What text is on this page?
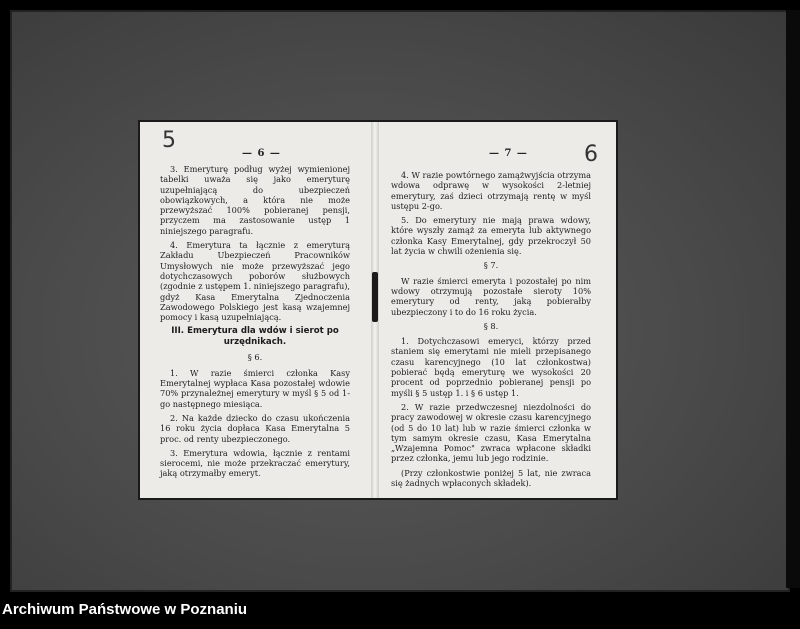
5
— 6 —

3. Emeryturę podług wyżej wymienionej tabelki uważa się jako emeryturę uzupełniającą do ubezpieczeń obowiązkowych, a która nie może przewyższać 100% pobieranej pensji, przyczem ma zastosowanie ustęp 1 niniejszego paragrafu.

4. Emerytura ta łącznie z emeryturą Zakładu Ubezpieczeń Pracowników Umysłowych nie może przewyższać jego dotychczasowych poborów służbowych (zgodnie z ustępem 1. niniejszego paragrafu), gdyż Kasa Emerytalna Zjednoczenia Zawodowego Polskiego jest kasą wzajemnej pomocy i kasą uzupełniającą.

III. Emerytura dla wdów i sierot po urzędnikach.

§ 6.

1. W razie śmierci członka Kasy Emerytalnej wypłaca Kasa pozostałej wdowie 70% przynależnej emerytury w myśl § 5 od 1-go następnego miesiąca.

2. Na każde dziecko do czasu ukończenia 16 roku życia dopłaca Kasa Emerytalna 5 proc. od renty ubezpieczonego.

3. Emerytura wdowia, łącznie z rentami sierocemi, nie może przekraczać emerytury, jaką otrzymałby emeryt.

— 7 —	6

4. W razie powtórnego zamążwyjścia otrzyma wdowa odprawę w wysokości 2-letniej emerytury, zaś dzieci otrzymają rentę w myśl ustępu 2-go.

5. Do emerytury nie mają prawa wdowy, które wyszły zamąż za emeryta lub aktywnego członka Kasy Emerytalnej, gdy przekroczył 50 lat życia w chwili ożenienia się.

§ 7.

W razie śmierci emeryta i pozostałej po nim wdowy otrzymują pozostałe sieroty 10% emerytury od renty, jaką pobierałby ubezpieczony i to do 16 roku życia.

§ 8.

1. Dotychczasowi emeryci, którzy przed staniem się emerytami nie mieli przepisanego czasu karencyjnego (10 lat członkostwa) pobierać będą emeryturę we wysokości 20 procent od poprzednio pobieranej pensji po myśli § 5 ustęp 1. i § 6 ustęp 1.

2. W razie przedwczesnej niezdolności do pracy zawodowej w okresie czasu karencyjnego (od 5 do 10 lat) lub w razie śmierci członka w tym samym okresie czasu, Kasa Emerytalna „Wzajemna Pomoc" zwraca wpłacone składki przez członka, jemu lub jego rodzinie.

(Przy członkostwie poniżej 5 lat, nie zwraca się żadnych wpłaconych składek).

Archiwum Państwowe w Poznaniu
